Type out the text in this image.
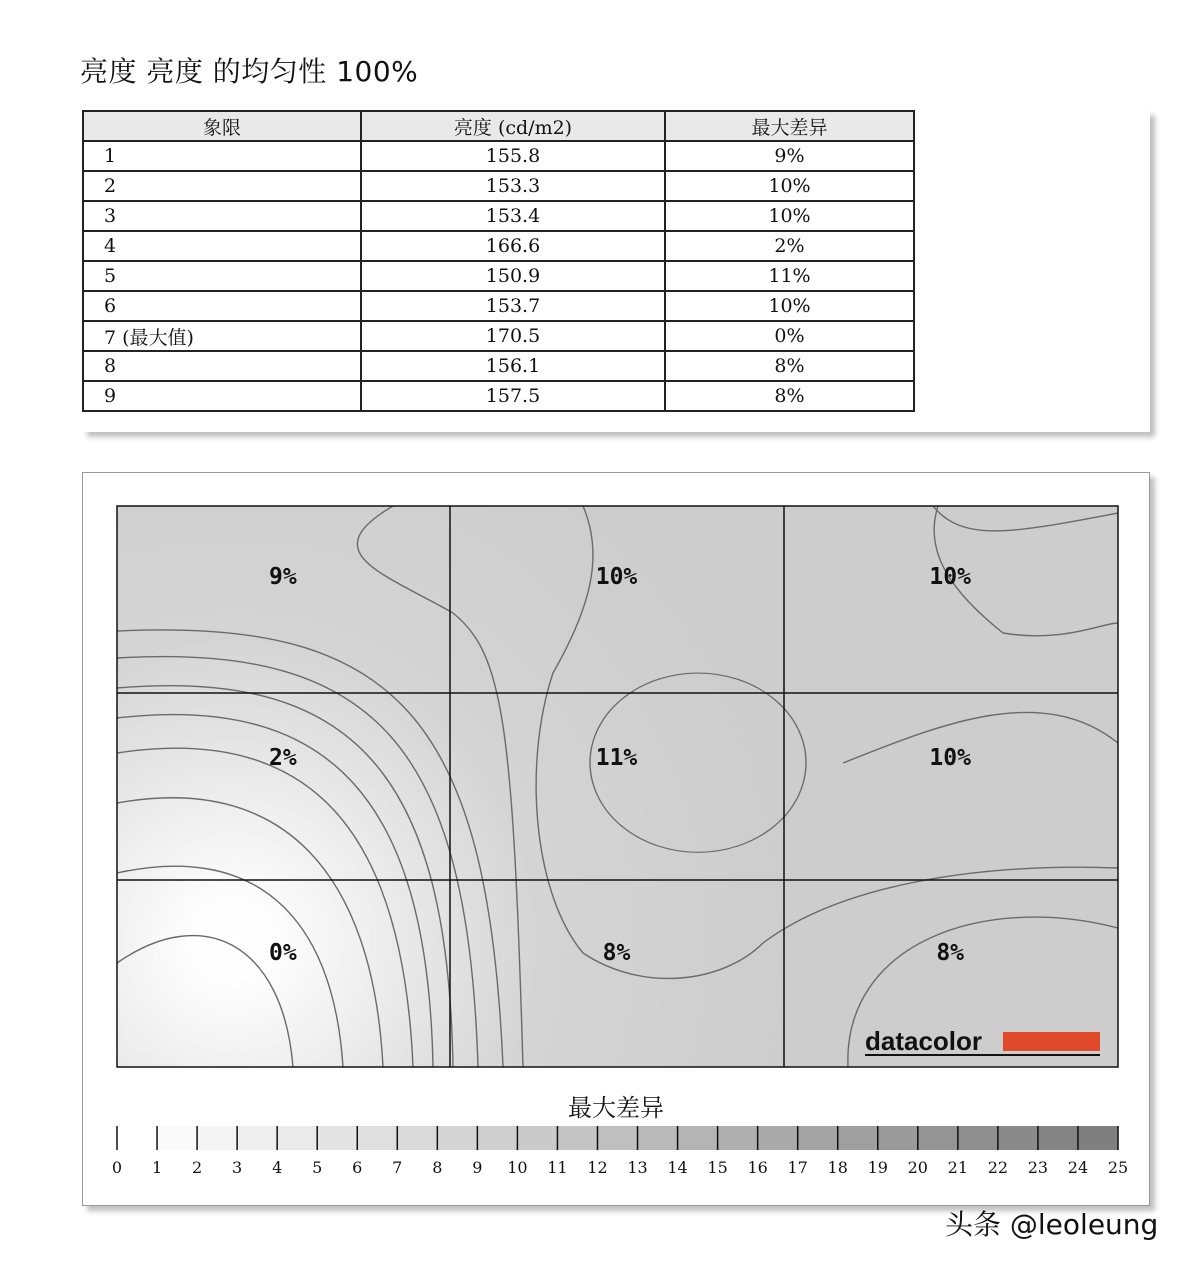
亮度 亮度 的均匀性 100%
象限	亮度 (cd/m2)	最大差异
1	155.8	9%
2	153.3	10%
3	153.4	10%
4	166.6	2%
5	150.9	11%
6	153.7	10%
7 (最大值)	170.5	0%
8	156.1	8%
9	157.5	8%
9%	10%	10%
2%	11%	10%
0%	8%	8%
datacolor
最大差异
0 1 2 3 4 5 6 7 8 9 10 11 12 13 14 15 16 17 18 19 20 21 22 23 24 25
头条 @leoleung
